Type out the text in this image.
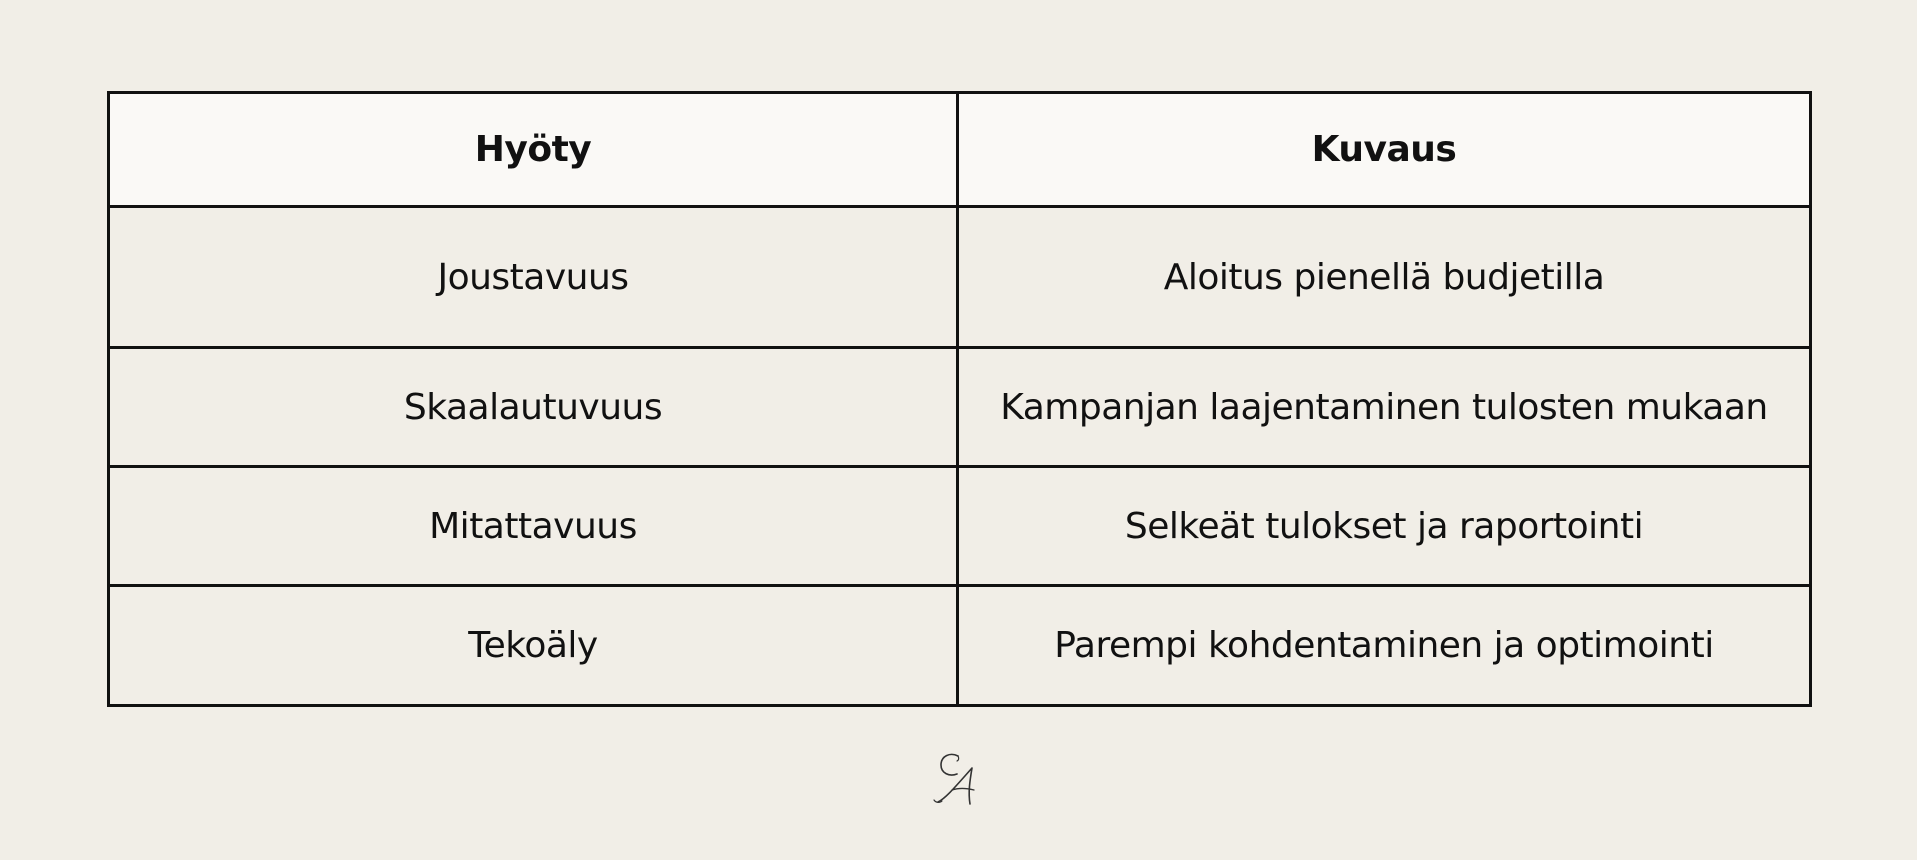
Hyöty	Kuvaus
Joustavuus	Aloitus pienellä budjetilla
Skaalautuvuus	Kampanjan laajentaminen tulosten mukaan
Mitattavuus	Selkeät tulokset ja raportointi
Tekoäly	Parempi kohdentaminen ja optimointi
